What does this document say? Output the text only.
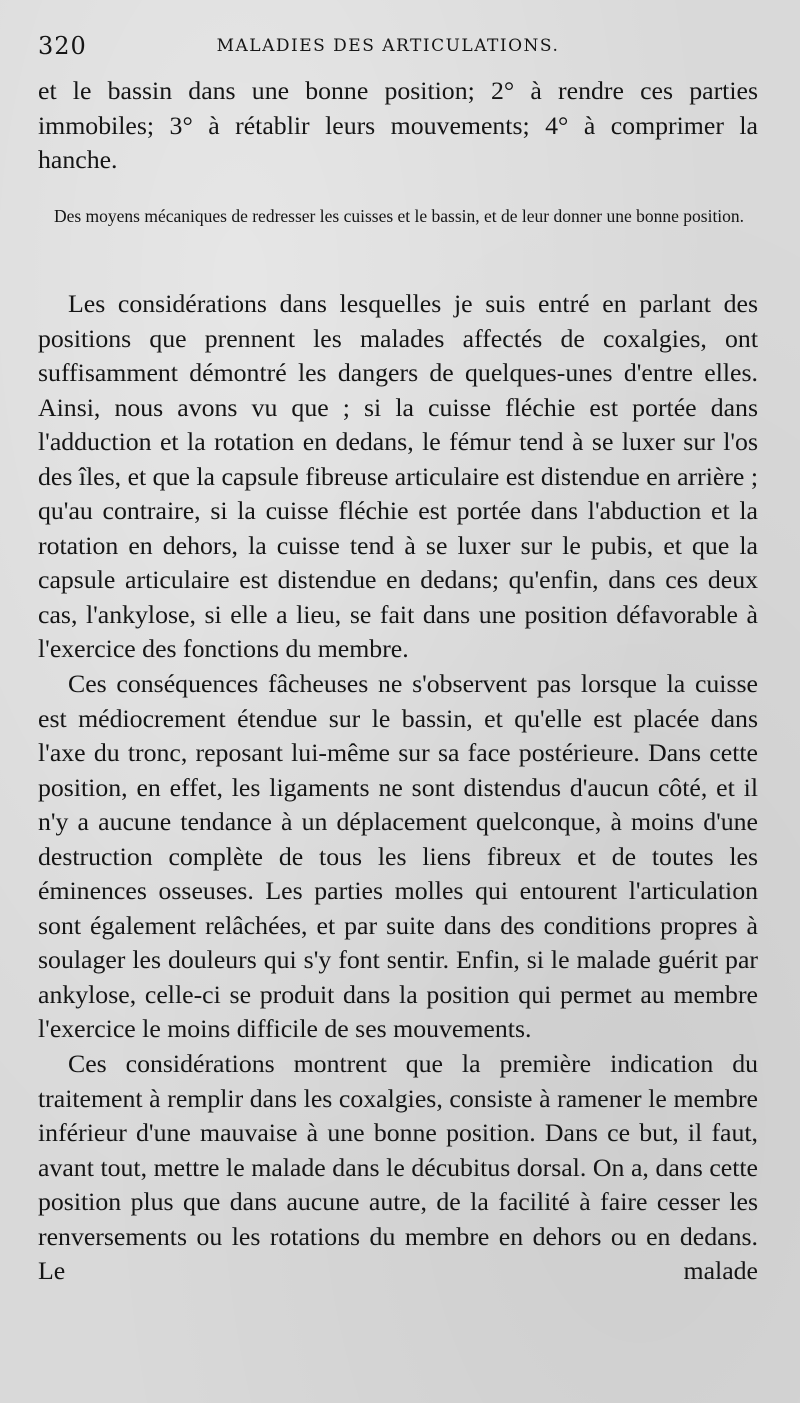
320	MALADIES DES ARTICULATIONS.

et le bassin dans une bonne position; 2° à rendre ces parties immobiles; 3° à rétablir leurs mouvements; 4° à comprimer la hanche.

Des moyens mécaniques de redresser les cuisses et le bassin, et de leur donner une bonne position.

Les considérations dans lesquelles je suis entré en parlant des positions que prennent les malades affectés de coxalgies, ont suffisamment démontré les dangers de quelques-unes d'entre elles. Ainsi, nous avons vu que ; si la cuisse fléchie est portée dans l'adduction et la rotation en dedans, le fémur tend à se luxer sur l'os des îles, et que la capsule fibreuse articulaire est distendue en arrière ; qu'au contraire, si la cuisse fléchie est portée dans l'abduction et la rotation en dehors, la cuisse tend à se luxer sur le pubis, et que la capsule articulaire est distendue en dedans; qu'enfin, dans ces deux cas, l'ankylose, si elle a lieu, se fait dans une position défavorable à l'exercice des fonctions du membre.

Ces conséquences fâcheuses ne s'observent pas lorsque la cuisse est médiocrement étendue sur le bassin, et qu'elle est placée dans l'axe du tronc, reposant lui-même sur sa face postérieure. Dans cette position, en effet, les ligaments ne sont distendus d'aucun côté, et il n'y a aucune tendance à un déplacement quelconque, à moins d'une destruction complète de tous les liens fibreux et de toutes les éminences osseuses. Les parties molles qui entourent l'articulation sont également relâchées, et par suite dans des conditions propres à soulager les douleurs qui s'y font sentir. Enfin, si le malade guérit par ankylose, celle-ci se produit dans la position qui permet au membre l'exercice le moins difficile de ses mouvements.

Ces considérations montrent que la première indication du traitement à remplir dans les coxalgies, consiste à ramener le membre inférieur d'une mauvaise à une bonne position. Dans ce but, il faut, avant tout, mettre le malade dans le décubitus dorsal. On a, dans cette position plus que dans aucune autre, de la facilité à faire cesser les renversements ou les rotations du membre en dehors ou en dedans. Le malade
